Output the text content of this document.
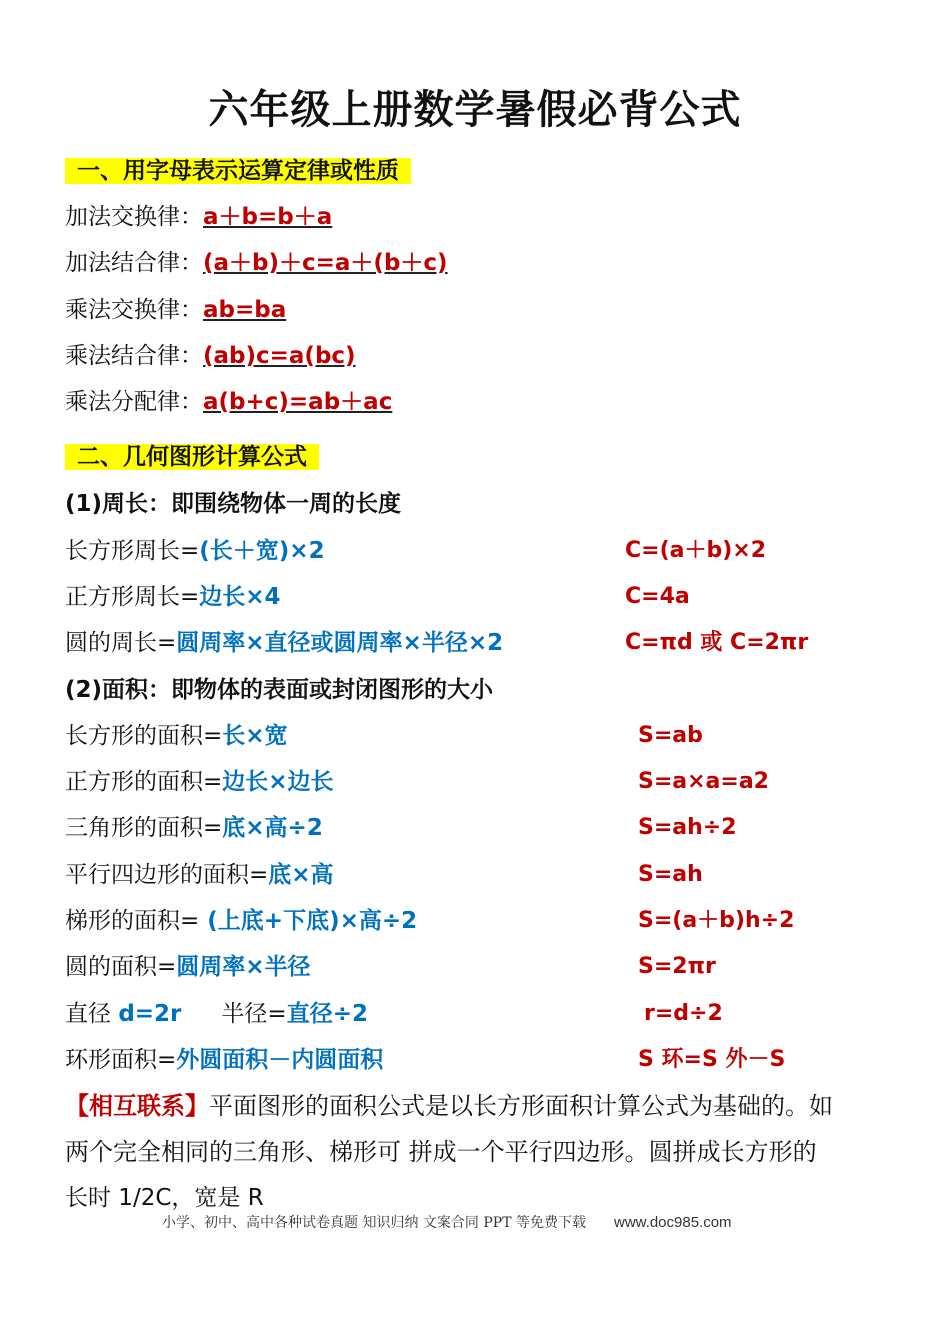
六年级上册数学暑假必背公式
一、用字母表示运算定律或性质
加法交换律：a＋b=b＋a
加法结合律：(a＋b)＋c=a＋(b＋c)
乘法交换律：ab=ba
乘法结合律：(ab)c=a(bc)
乘法分配律：a(b+c)=ab＋ac
二、几何图形计算公式
(1)周长：即围绕物体一周的长度
长方形周长=(长＋宽)×2	C=(a＋b)×2
正方形周长=边长×4	C=4a
圆的周长=圆周率×直径或圆周率×半径×2	C=πd 或 C=2πr
(2)面积：即物体的表面或封闭图形的大小
长方形的面积=长×宽	S=ab
正方形的面积=边长×边长	S=a×a=a2
三角形的面积=底×高÷2	S=ah÷2
平行四边形的面积=底×高	S=ah
梯形的面积= (上底+下底)×高÷2	S=(a＋b)h÷2
圆的面积=圆周率×半径	S=2πr
直径 d=2r 半径=直径÷2	r=d÷2
环形面积=外圆面积－内圆面积	S 环=S 外－S
【相互联系】平面图形的面积公式是以长方形面积计算公式为基础的。如
两个完全相同的三角形、梯形可 拼成一个平行四边形。圆拼成长方形的
长时 1/2C，宽是 R
小学、初中、高中各种试卷真题 知识归纳 文案合同 PPT 等免费下载 www.doc985.com
